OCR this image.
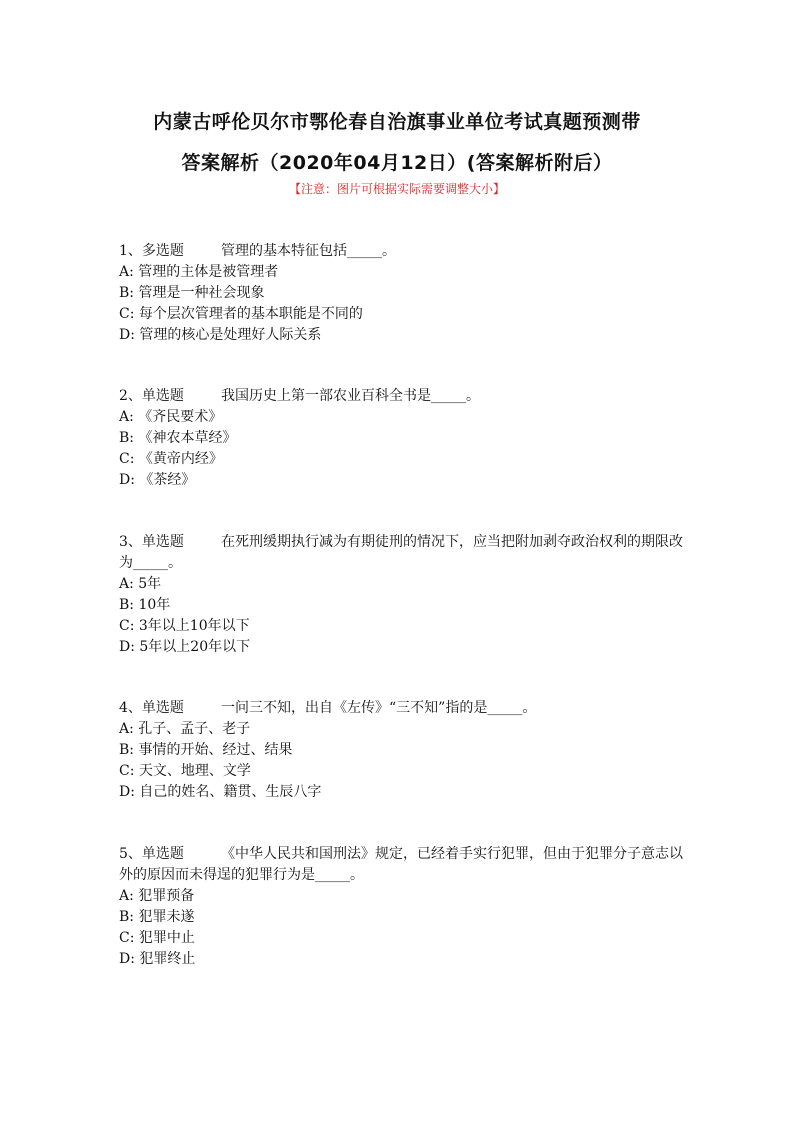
内蒙古呼伦贝尔市鄂伦春自治旗事业单位考试真题预测带
答案解析（2020年04月12日）(答案解析附后）
【注意：图片可根据实际需要调整大小】
1、多选题	管理的基本特征包括_____。
A: 管理的主体是被管理者
B: 管理是一种社会现象
C: 每个层次管理者的基本职能是不同的
D: 管理的核心是处理好人际关系
2、单选题	我国历史上第一部农业百科全书是_____。
A: 《齐民要术》
B: 《神农本草经》
C: 《黄帝内经》
D: 《茶经》
3、单选题	在死刑缓期执行减为有期徒刑的情况下，应当把附加剥夺政治权利的期限改为_____。
A: 5年
B: 10年
C: 3年以上10年以下
D: 5年以上20年以下
4、单选题	一问三不知，出自《左传》“三不知”指的是_____。
A: 孔子、孟子、老子
B: 事情的开始、经过、结果
C: 天文、地理、文学
D: 自己的姓名、籍贯、生辰八字
5、单选题	《中华人民共和国刑法》规定，已经着手实行犯罪，但由于犯罪分子意志以外的原因而未得逞的犯罪行为是_____。
A: 犯罪预备
B: 犯罪未遂
C: 犯罪中止
D: 犯罪终止
